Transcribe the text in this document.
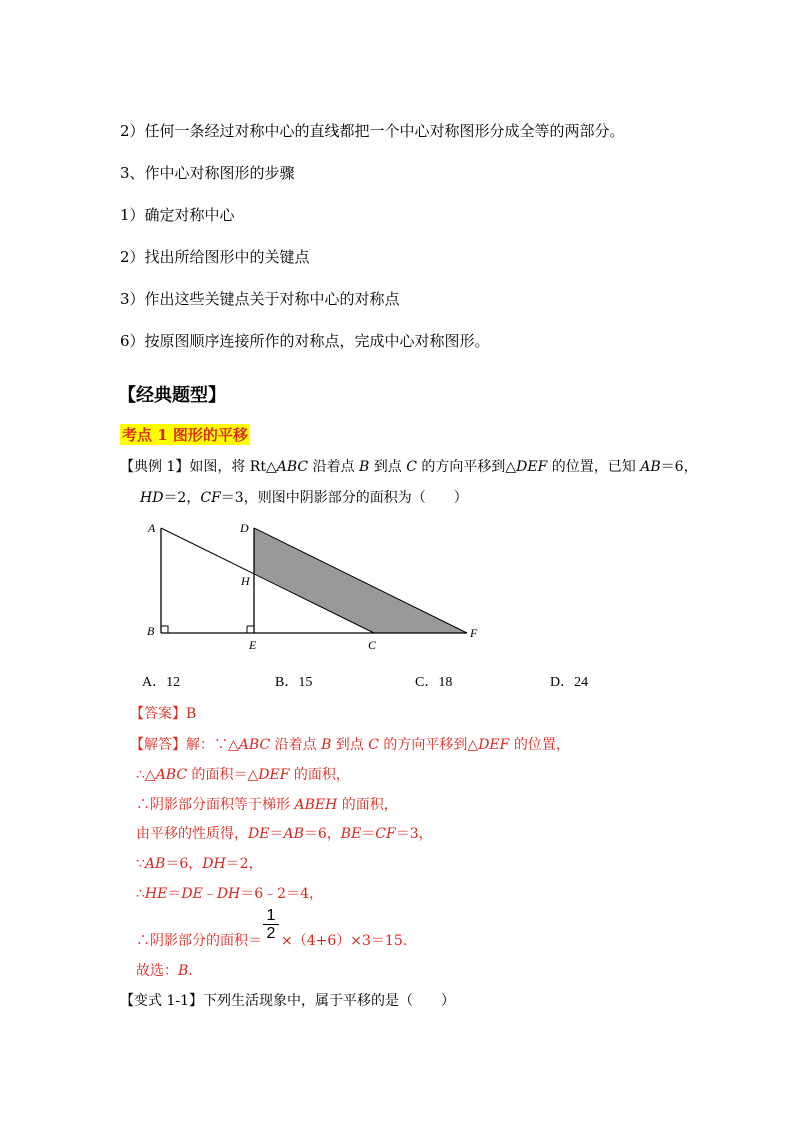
2）任何一条经过对称中心的直线都把一个中心对称图形分成全等的两部分。
3、作中心对称图形的步骤
1）确定对称中心
2）找出所给图形中的关键点
3）作出这些关键点关于对称中心的对称点
6）按原图顺序连接所作的对称点，完成中心对称图形。
【经典题型】
考点 1 图形的平移
【典例 1】如图，将 Rt△ABC 沿着点 B 到点 C 的方向平移到△DEF 的位置，已知 AB＝6，
HD＝2，CF＝3，则图中阴影部分的面积为（　　）
A
B
C
D
E
F
H
A．12	B．15	C．18	D．24
【答案】B
【解答】解：∵△ABC 沿着点 B 到点 C 的方向平移到△DEF 的位置，
∴△ABC 的面积＝△DEF 的面积，
∴阴影部分面积等于梯形 ABEH 的面积，
由平移的性质得，DE＝AB＝6，BE＝CF＝3，
∵AB＝6，DH＝2，
∴HE＝DE﹣DH＝6﹣2＝4，
∴阴影部分的面积＝ $\frac{1}{2} \times(4+6)\times 3=15$.
故选：B.
【变式 1-1】下列生活现象中，属于平移的是（　　）
